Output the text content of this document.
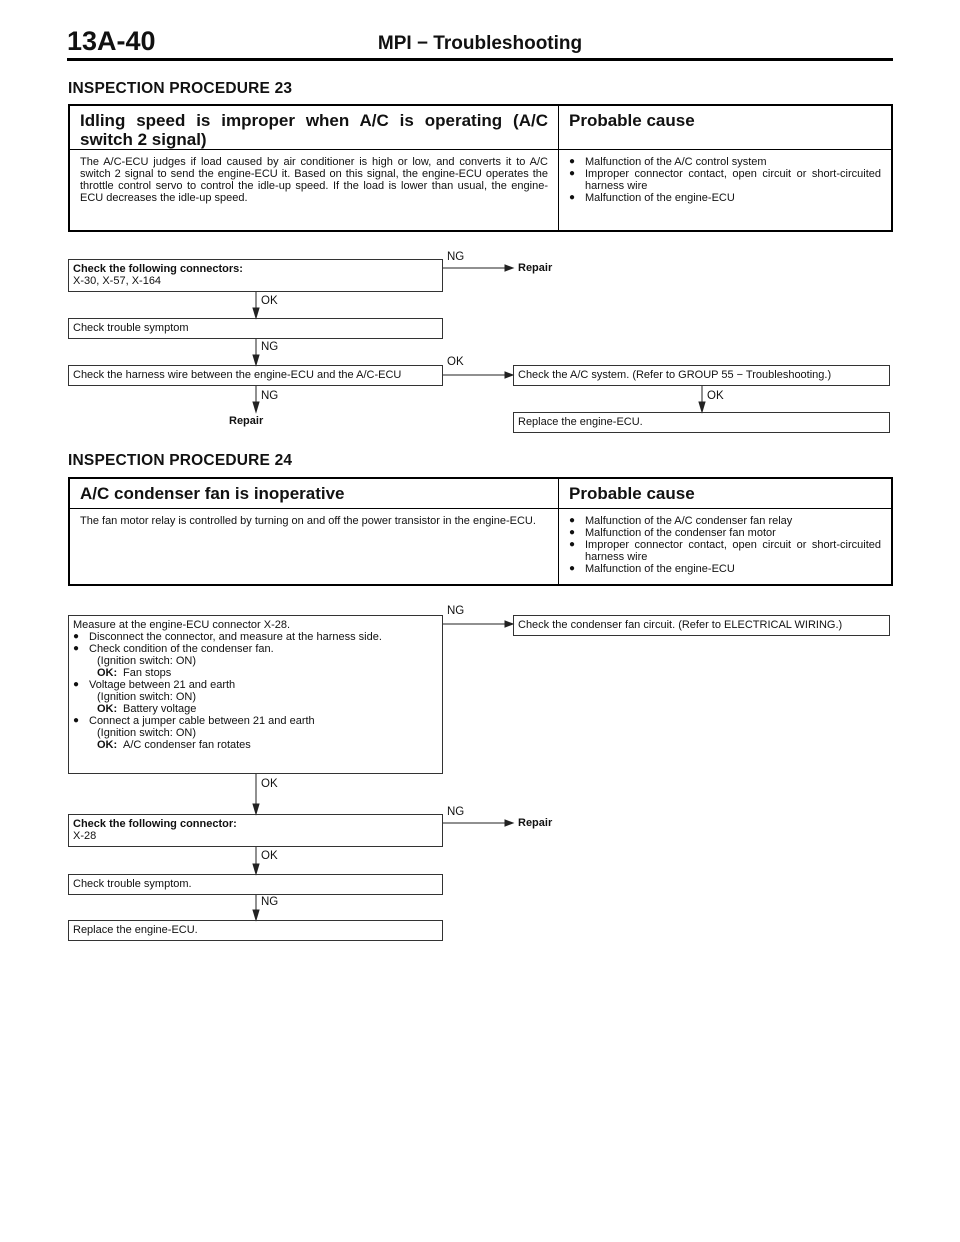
13A-40	MPI − Troubleshooting
INSPECTION PROCEDURE 23
Idling speed is improper when A/C is operating (A/C switch 2 signal)
Probable cause
The A/C-ECU judges if load caused by air conditioner is high or low, and converts it to A/C switch 2 signal to send the engine-ECU it. Based on this signal, the engine-ECU operates the throttle control servo to control the idle-up speed. If the load is lower than usual, the engine-ECU decreases the idle-up speed.
● Malfunction of the A/C control system
● Improper connector contact, open circuit or short-circuited harness wire
● Malfunction of the engine-ECU
Check the following connectors:
X-30, X-57, X-164
NG
Repair
OK
Check trouble symptom
NG
Check the harness wire between the engine-ECU and the A/C-ECU
OK
Check the A/C system. (Refer to GROUP 55 − Troubleshooting.)
NG
Repair
OK
Replace the engine-ECU.
INSPECTION PROCEDURE 24
A/C condenser fan is inoperative	Probable cause
The fan motor relay is controlled by turning on and off the power transistor in the engine-ECU.
●	Malfunction of the A/C condenser fan relay
● Malfunction of the condenser fan motor
● Improper connector contact, open circuit or short-circuited harness wire
● Malfunction of the engine-ECU
Measure at the engine-ECU connector X-28.
● Disconnect the connector, and measure at the harness side.
● Check condition of the condenser fan.
(Ignition switch: ON)
OK: Fan stops
● Voltage between 21 and earth
(Ignition switch: ON)
OK: Battery voltage
● Connect a jumper cable between 21 and earth
(Ignition switch: ON)
OK: A/C condenser fan rotates
NG
Check the condenser fan circuit. (Refer to ELECTRICAL WIRING.)
OK
Check the following connector:
X-28
NG
Repair
OK
Check trouble symptom.
NG
Replace the engine-ECU.
